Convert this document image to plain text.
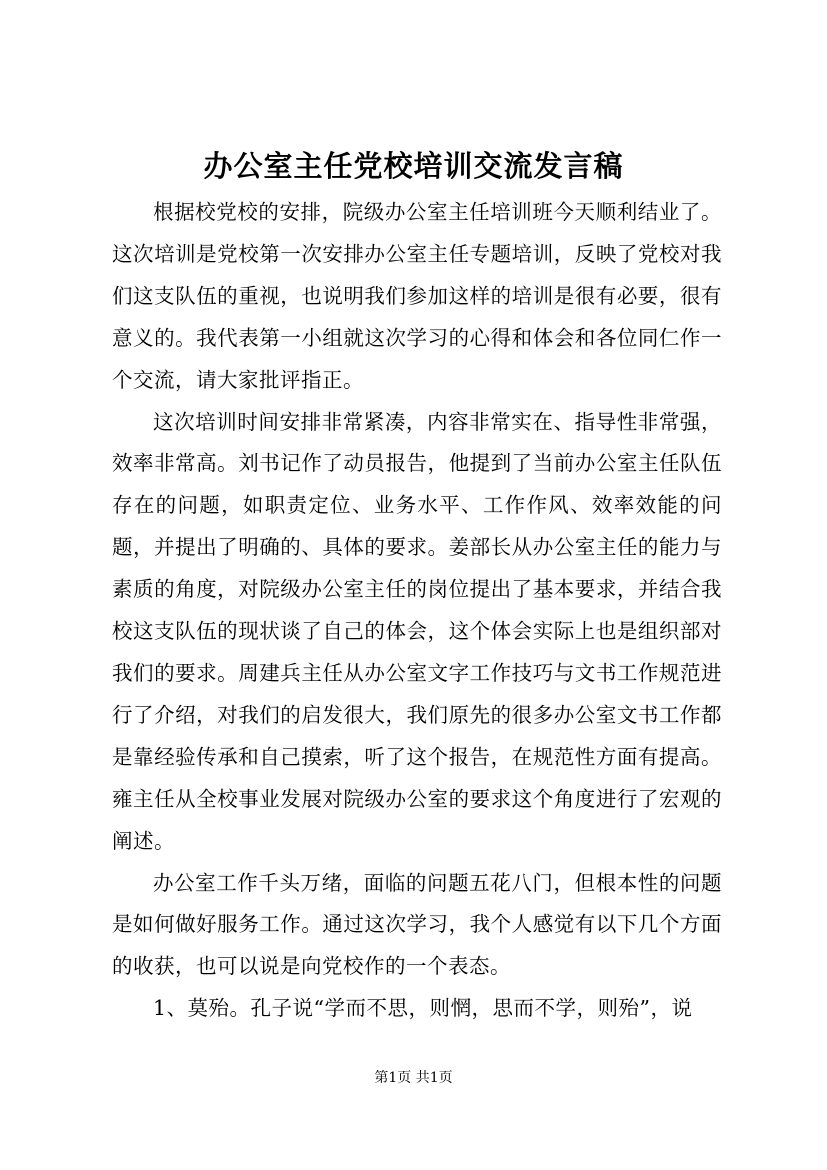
办公室主任党校培训交流发言稿

根据校党校的安排，院级办公室主任培训班今天顺利结业了。这次培训是党校第一次安排办公室主任专题培训，反映了党校对我们这支队伍的重视，也说明我们参加这样的培训是很有必要，很有意义的。我代表第一小组就这次学习的心得和体会和各位同仁作一个交流，请大家批评指正。

这次培训时间安排非常紧凑，内容非常实在、指导性非常强，效率非常高。刘书记作了动员报告，他提到了当前办公室主任队伍存在的问题，如职责定位、业务水平、工作作风、效率效能的问题，并提出了明确的、具体的要求。姜部长从办公室主任的能力与素质的角度，对院级办公室主任的岗位提出了基本要求，并结合我校这支队伍的现状谈了自己的体会，这个体会实际上也是组织部对我们的要求。周建兵主任从办公室文字工作技巧与文书工作规范进行了介绍，对我们的启发很大，我们原先的很多办公室文书工作都是靠经验传承和自己摸索，听了这个报告，在规范性方面有提高。雍主任从全校事业发展对院级办公室的要求这个角度进行了宏观的阐述。

办公室工作千头万绪，面临的问题五花八门，但根本性的问题是如何做好服务工作。通过这次学习，我个人感觉有以下几个方面的收获，也可以说是向党校作的一个表态。

1、莫殆。孔子说“学而不思，则惘，思而不学，则殆”，说

第1页 共1页
